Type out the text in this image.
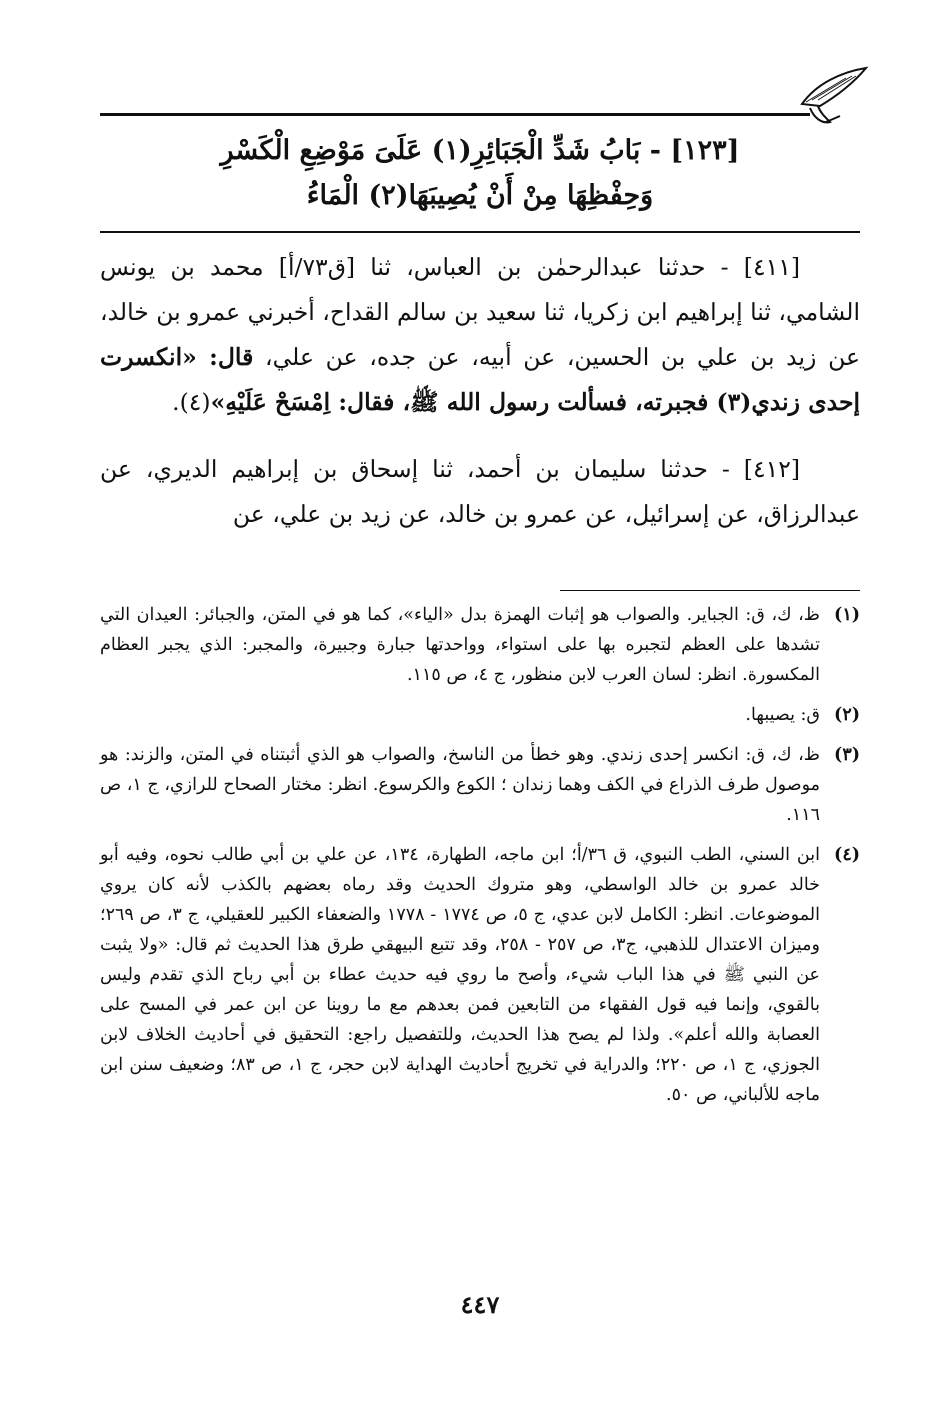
[١٢٣] - بَابُ شَدِّ الْجَبَائِرِ(١) عَلَىَ مَوْضِعِ الْكَسْرِ
وَحِفْظِهَا مِنْ أَنْ يُصِيبَهَا(٢) الْمَاءُ

[٤١١] - حدثنا عبدالرحمٰن بن العباس، ثنا [ق٧٣/أ] محمد بن يونس الشامي، ثنا إبراهيم ابن زكريا، ثنا سعيد بن سالم القداح، أخبرني عمرو بن خالد، عن زيد بن علي بن الحسين، عن أبيه، عن جده، عن علي، قال: «انكسرت إحدى زندي(٣) فجبرته، فسألت رسول الله ﷺ، فقال: اِمْسَحْ عَلَيْهِ»(٤).

[٤١٢] - حدثنا سليمان بن أحمد، ثنا إسحاق بن إبراهيم الديري، عن عبدالرزاق، عن إسرائيل، عن عمرو بن خالد، عن زيد بن علي، عن

(١)
ظ، ك، ق: الجباير. والصواب هو إثبات الهمزة بدل «الياء»، كما هو في المتن، والجبائر: العيدان التي تشدها على العظم لتجبره بها على استواء، وواحدتها جبارة وجبيرة، والمجبر: الذي يجبر العظام المكسورة. انظر: لسان العرب لابن منظور، ج ٤، ص ١١٥.
(٢)
ق: يصيبها.
(٣)
ظ، ك، ق: انكسر إحدى زندي. وهو خطأ من الناسخ، والصواب هو الذي أثبتناه في المتن، والزند: هو موصول طرف الذراع في الكف وهما زندان ؛ الكوع والكرسوع. انظر: مختار الصحاح للرازي، ج ١، ص ١١٦.
(٤)
ابن السني، الطب النبوي، ق ٣٦/أ؛ ابن ماجه، الطهارة، ١٣٤، عن علي بن أبي طالب نحوه، وفيه أبو خالد عمرو بن خالد الواسطي، وهو متروك الحديث وقد رماه بعضهم بالكذب لأنه كان يروي الموضوعات. انظر: الكامل لابن عدي، ج ٥، ص ١٧٧٤ - ١٧٧٨ والضعفاء الكبير للعقيلي، ج ٣، ص ٢٦٩؛ وميزان الاعتدال للذهبي، ج٣، ص ٢٥٧ - ٢٥٨، وقد تتبع البيهقي طرق هذا الحديث ثم قال: «ولا يثبت عن النبي ﷺ في هذا الباب شيء، وأصح ما روي فيه حديث عطاء بن أبي رباح الذي تقدم وليس بالقوي، وإنما فيه قول الفقهاء من التابعين فمن بعدهم مع ما روينا عن ابن عمر في المسح على العصابة والله أعلم». ولذا لم يصح هذا الحديث، وللتفصيل راجع: التحقيق في أحاديث الخلاف لابن الجوزي، ج ١، ص ٢٢٠؛ والدراية في تخريج أحاديث الهداية لابن حجر، ج ١، ص ٨٣؛ وضعيف سنن ابن ماجه للألباني، ص ٥٠.
٤٤٧
